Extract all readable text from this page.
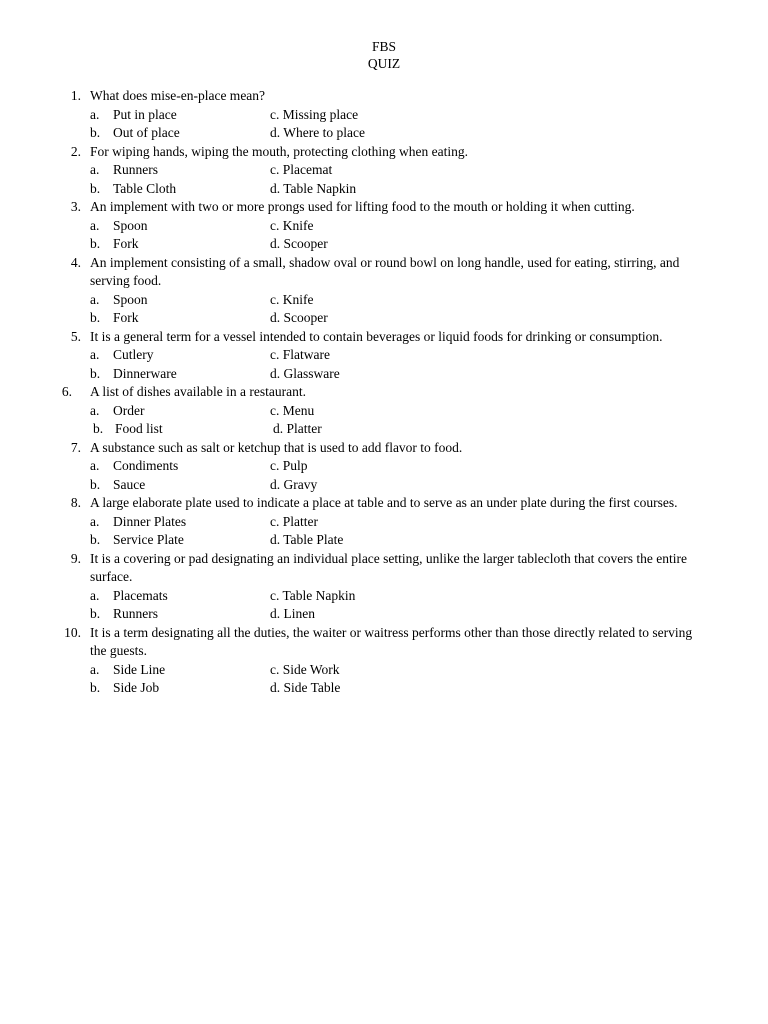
FBS
QUIZ
1. What does mise-en-place mean?
a. Put in place	c. Missing place
b. Out of place	d. Where to place
2. For wiping hands, wiping the mouth, protecting clothing when eating.
a. Runners	c. Placemat
b. Table Cloth	d. Table Napkin
3. An implement with two or more prongs used for lifting food to the mouth or holding it when cutting.
a. Spoon	c. Knife
b. Fork	d. Scooper
4. An implement consisting of a small, shadow oval or round bowl on long handle, used for eating, stirring, and serving food.
a. Spoon	c. Knife
b. Fork	d. Scooper
5. It is a general term for a vessel intended to contain beverages or liquid foods for drinking or consumption.
a. Cutlery	c. Flatware
b. Dinnerware	d. Glassware
6.	A list of dishes available in a restaurant.
a. Order	c. Menu
b. Food list	d. Platter
7. A substance such as salt or ketchup that is used to add flavor to food.
a. Condiments	c. Pulp
b. Sauce	d. Gravy
8. A large elaborate plate used to indicate a place at table and to serve as an under plate during the first courses.
a. Dinner Plates	c. Platter
b. Service Plate	d. Table Plate
9. It is a covering or pad designating an individual place setting, unlike the larger tablecloth that covers the entire surface.
a. Placemats	c. Table Napkin
b. Runners	d. Linen
10. It is a term designating all the duties, the waiter or waitress performs other than those directly related to serving the guests.
a. Side Line	c. Side Work
b. Side Job	d. Side Table
